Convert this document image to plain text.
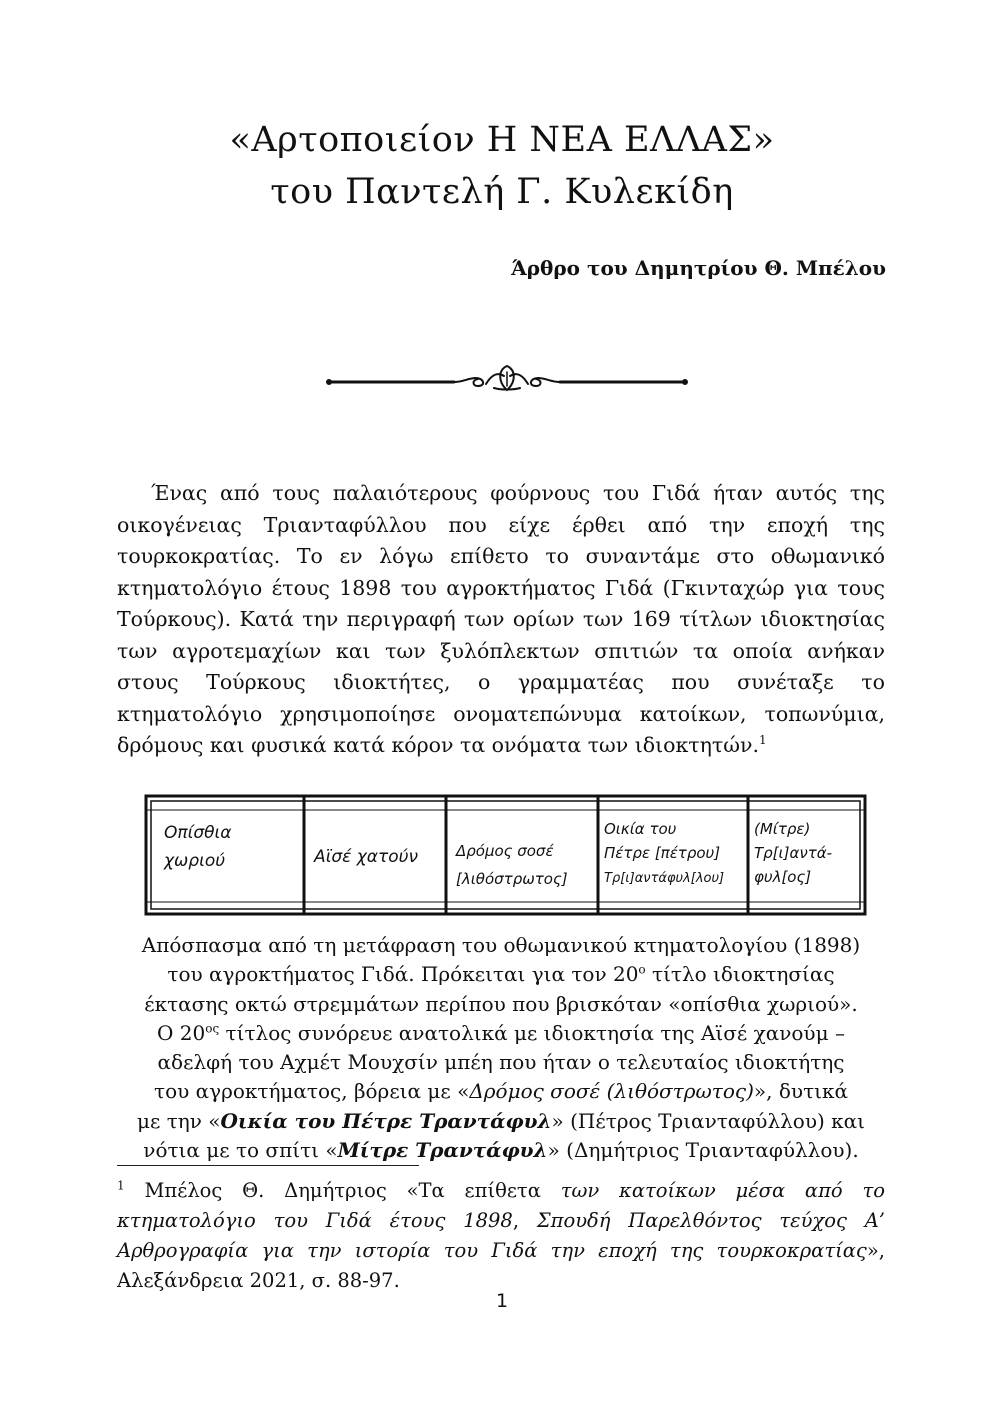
«Αρτοποιείον Η ΝΕΑ ΕΛΛΑΣ»
του Παντελή Γ. Κυλεκίδη
Άρθρο του Δημητρίου Θ. Μπέλου

Ένας από τους παλαιότερους φούρνους του Γιδά ήταν αυτός της οικογένειας Τριανταφύλλου που είχε έρθει από την εποχή της τουρκοκρατίας. Το εν λόγω επίθετο το συναντάμε στο οθωμανικό κτηματολόγιο έτους 1898 του αγροκτήματος Γιδά (Γκινταχώρ για τους Τούρκους). Κατά την περιγραφή των ορίων των 169 τίτλων ιδιοκτησίας των αγροτεμαχίων και των ξυλόπλεκτων σπιτιών τα οποία ανήκαν στους Τούρκους ιδιοκτήτες, ο γραμματέας που συνέταξε το κτηματολόγιο χρησιμοποίησε ονοματεπώνυμα κατοίκων, τοπωνύμια, δρόμους και φυσικά κατά κόρον τα ονόματα των ιδιοκτητών.$^1$

Οπίσθια
χωριού	Αϊσέ χατούν	Δρόμος σοσέ
[λιθόστρωτος]
Οικία του
Πέτρε [πέτρου]
Τρ[ι]αντάφυλ[λου]
(Μίτρε)
Τρ[ι]αντά-
φυλ[ος]

Απόσπασμα από τη μετάφραση του οθωμανικού κτηματολογίου (1898)

του αγροκτήματος Γιδά. Πρόκειται για τον $20^o$ τίτλο ιδιοκτησίας

έκτασης οκτώ στρεμμάτων περίπου που βρισκόταν «οπίσθια χωριού».

Ο $20^{o\varsigma}$ τίτλος συνόρευε ανατολικά με ιδιοκτησία της Αϊσέ χανούμ –

αδελφή του Αχμέτ Μουχσίν μπέη που ήταν ο τελευταίος ιδιοκτήτης

του αγροκτήματος, βόρεια με «Δρόμος σοσέ (λιθόστρωτος)», δυτικά

με την «Οικία του Πέτρε Τραντάφυλ» (Πέτρος Τριανταφύλλου) και

νότια με το σπίτι «Μίτρε Τραντάφυλ» (Δημήτριος Τριανταφύλλου).

$^1$ Μπέλος Θ. Δημήτριος «Τα επίθετα των κατοίκων μέσα από το κτηματολόγιο του Γιδά έτους 1898, Σπουδή Παρελθόντος τεύχος Α’ Αρθρογραφία για την ιστορία του Γιδά την εποχή της τουρκοκρατίας», Αλεξάνδρεια 2021, σ. 88-97.

1
